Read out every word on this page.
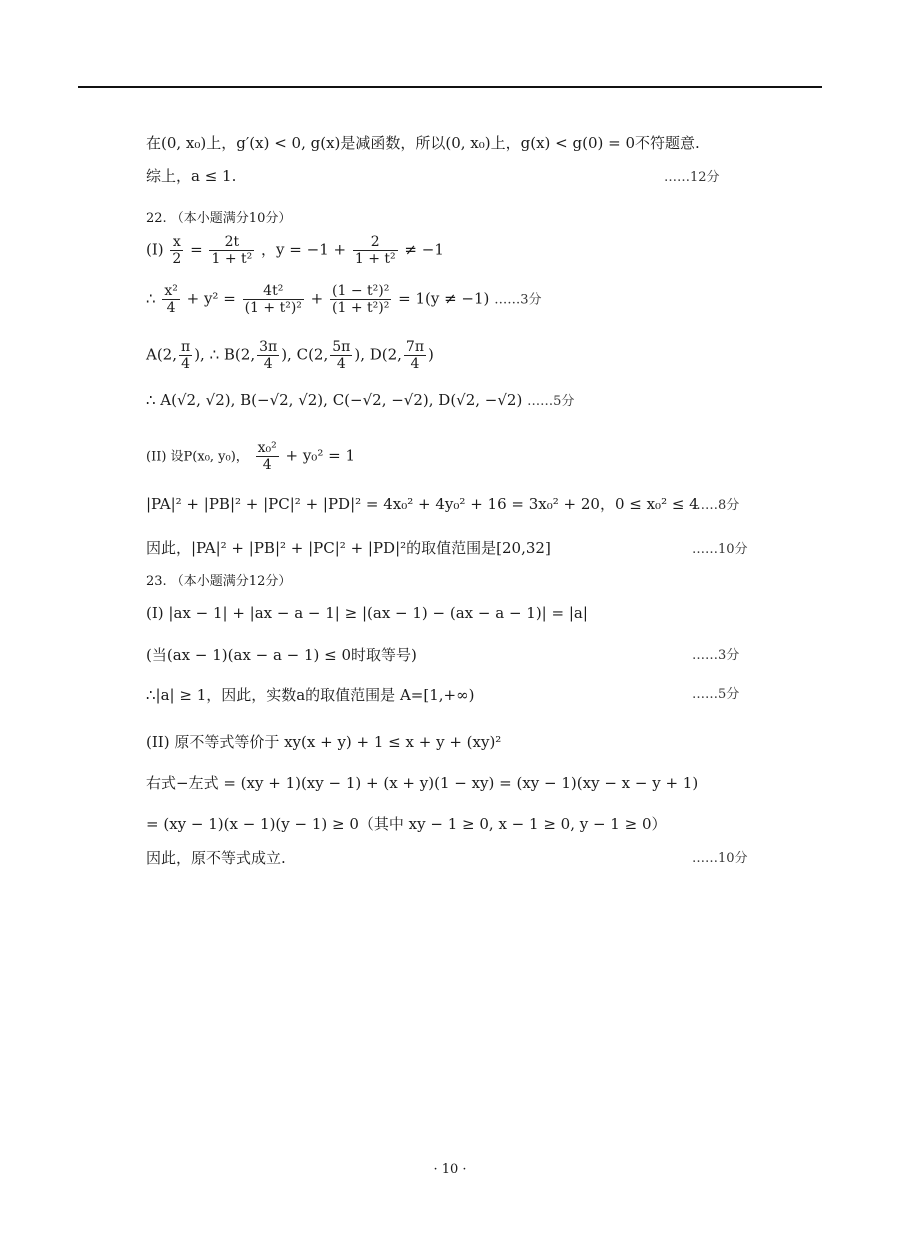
在(0, x₀)上，g′(x) < 0, g(x)是减函数，所以(0, x₀)上，g(x) < g(0) = 0不符题意.
综上，a ≤ 1.	……12分
22. （本小题满分10分）
$(I) \frac{x}{2} = \frac{2t}{\text{1 + t²}}$ ，$y = -1 + \frac{2}{\text{1 + t²}} \ne -1$
∴ $\frac{\text{x²}}{4} + y^2 = \frac{\text{4t²}}{\text{(1 + t²)²}} + \frac{\text{(1 − t²)²}}{\text{(1 + t²)²}} = 1(y \ne -1)$ ……3分
A(2, $\frac{\pi}{4}$ ), ∴ B(2, $\frac{3\pi}{4}$ ), C(2, $\frac{5\pi}{4}$ ), D(2, $\frac{7\pi}{4}$ )
∴ A(√2, √2), B(−√2, √2), C(−√2, −√2), D(√2, −√2) ……5分
(II) 设P(x₀, y₀)， $\frac{\text{x₀²}}{4} + y_0^2 = 1$
|PA|² + |PB|² + |PC|² + |PD|² = 4x₀² + 4y₀² + 16 = 3x₀² + 20，0 ≤ x₀² ≤ 4
……8分
因此，|PA|² + |PB|² + |PC|² + |PD|²的取值范围是[20,32]	……10分
23. （本小题满分12分）
(I) |ax − 1| + |ax − a − 1| ≥ |(ax − 1) − (ax − a − 1)| = |a|
(当(ax − 1)(ax − a − 1) ≤ 0时取等号)	……3分
∴|a| ≥ 1，因此，实数a的取值范围是 A=[1,+∞)	……5分
(II) 原不等式等价于 xy(x + y) + 1 ≤ x + y + (xy)²
右式−左式 = (xy + 1)(xy − 1) + (x + y)(1 − xy) = (xy − 1)(xy − x − y + 1)
= (xy − 1)(x − 1)(y − 1) ≥ 0（其中 xy − 1 ≥ 0, x − 1 ≥ 0, y − 1 ≥ 0）
因此，原不等式成立.	……10分
· 10 ·
